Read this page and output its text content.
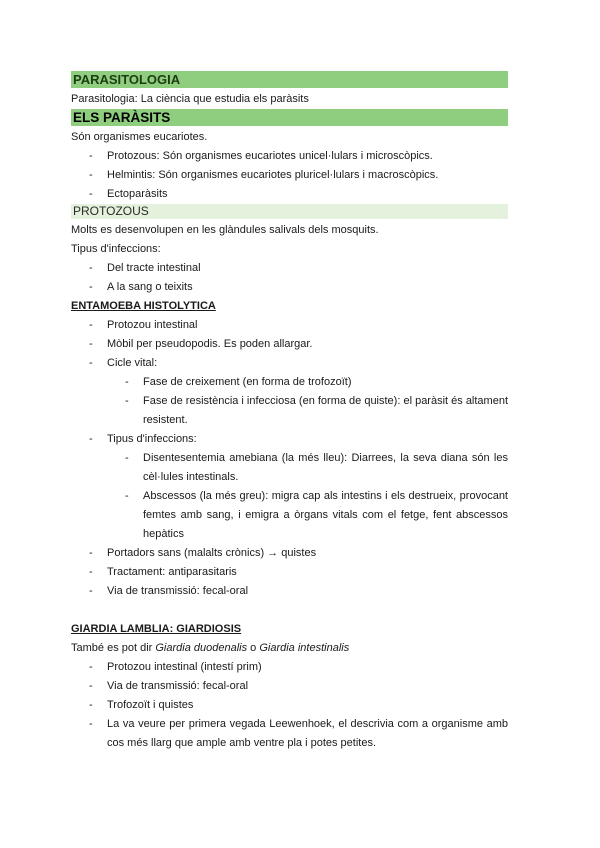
PARASITOLOGIA
Parasitologia: La ciència que estudia els paràsits
ELS PARÀSITS
Són organismes eucariotes.
- Protozous: Són organismes eucariotes unicel·lulars i microscòpics.
- Helmintis: Són organismes eucariotes pluricel·lulars i macroscòpics.
- Ectoparàsits
PROTOZOUS
Molts es desenvolupen en les glàndules salivals dels mosquits.
Tipus d'infeccions:
- Del tracte intestinal
- A la sang o teixits
ENTAMOEBA HISTOLYTICA
- Protozou intestinal
- Mòbil per pseudopodis. Es poden allargar.
- Cicle vital:
- Fase de creixement (en forma de trofozoït)
- Fase de resistència i infecciosa (en forma de quiste): el paràsit és altament resistent.
- Tipus d'infeccions:
- Disentesentemia amebiana (la més lleu): Diarrees, la seva diana són les cèl·lules intestinals.
- Abscessos (la més greu): migra cap als intestins i els destrueix, provocant femtes amb sang, i emigra a òrgans vitals com el fetge, fent abscessos hepàtics
- Portadors sans (malalts crònics) → quistes
- Tractament: antiparasitaris
- Via de transmissió: fecal-oral
GIARDIA LAMBLIA: GIARDIOSIS
També es pot dir Giardia duodenalis o Giardia intestinalis
- Protozou intestinal (intestí prim)
- Via de transmissió: fecal-oral
- Trofozoït i quistes
- La va veure per primera vegada Leewenhoek, el descrivia com a organisme amb cos més llarg que ample amb ventre pla i potes petites.
